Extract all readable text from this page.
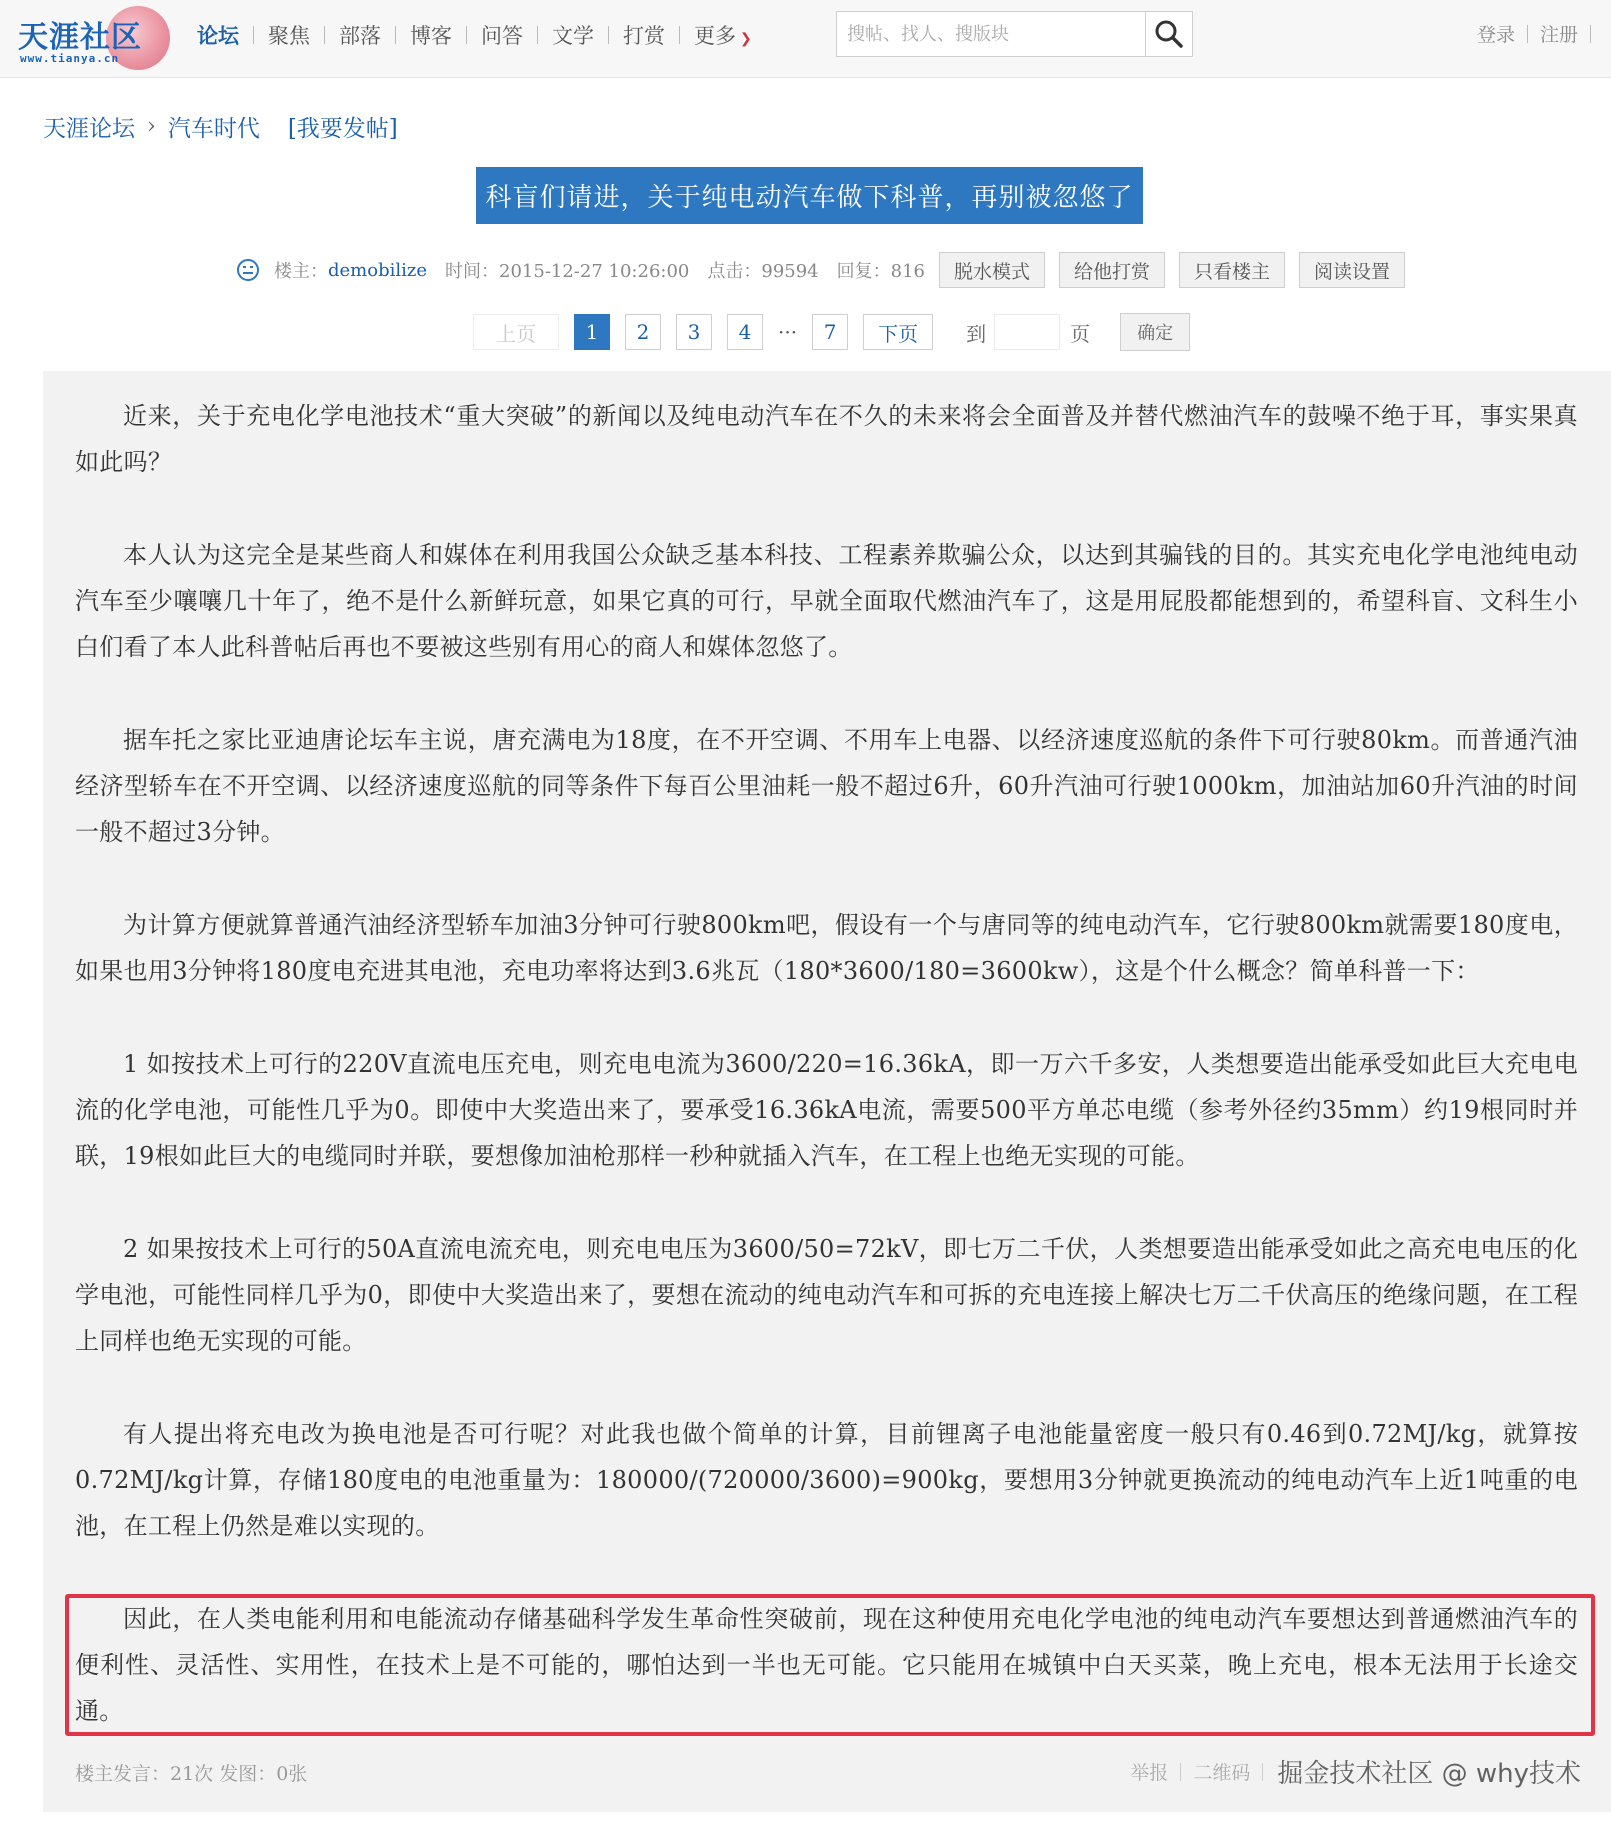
天涯社区
www.tianya.cn
论坛	聚焦	部落	博客	问答	文学	打赏	更多 ❯
搜帖、找人、搜版块	登录	注册
天涯论坛 › 汽车时代 [我要发帖]
科盲们请进，关于纯电动汽车做下科普，再别被忽悠了
楼主： demobilize 时间：2015-12-27 10:26:00 点击：99594 回复：816	脱水模式	给他打赏	只看楼主	阅读设置
上页	1	2	3	4	···	7	下页	到	页	确定
近来，关于充电化学电池技术“重大突破”的新闻以及纯电动汽车在不久的未来将会全面普及并替代燃油汽车的鼓噪不绝于耳，事实果真如此吗？
本人认为这完全是某些商人和媒体在利用我国公众缺乏基本科技、工程素养欺骗公众，以达到其骗钱的目的。其实充电化学电池纯电动汽车至少嚷嚷几十年了，绝不是什么新鲜玩意，如果它真的可行，早就全面取代燃油汽车了，这是用屁股都能想到的，希望科盲、文科生小白们看了本人此科普帖后再也不要被这些别有用心的商人和媒体忽悠了。
据车托之家比亚迪唐论坛车主说，唐充满电为18度，在不开空调、不用车上电器、以经济速度巡航的条件下可行驶80km。而普通汽油经济型轿车在不开空调、以经济速度巡航的同等条件下每百公里油耗一般不超过6升，60升汽油可行驶1000km，加油站加60升汽油的时间一般不超过3分钟。
为计算方便就算普通汽油经济型轿车加油3分钟可行驶800km吧，假设有一个与唐同等的纯电动汽车，它行驶800km就需要180度电，如果也用3分钟将180度电充进其电池，充电功率将达到3.6兆瓦（180*3600/180=3600kw），这是个什么概念？简单科普一下：
1 如按技术上可行的220V直流电压充电，则充电电流为3600/220=16.36kA，即一万六千多安，人类想要造出能承受如此巨大充电电流的化学电池，可能性几乎为0。即使中大奖造出来了，要承受16.36kA电流，需要500平方单芯电缆（参考外径约35mm）约19根同时并联，19根如此巨大的电缆同时并联，要想像加油枪那样一秒种就插入汽车，在工程上也绝无实现的可能。
2 如果按技术上可行的50A直流电流充电，则充电电压为3600/50=72kV，即七万二千伏，人类想要造出能承受如此之高充电电压的化学电池，可能性同样几乎为0，即使中大奖造出来了，要想在流动的纯电动汽车和可拆的充电连接上解决七万二千伏高压的绝缘问题，在工程上同样也绝无实现的可能。
有人提出将充电改为换电池是否可行呢？对此我也做个简单的计算，目前锂离子电池能量密度一般只有0.46到0.72MJ/kg，就算按0.72MJ/kg计算，存储180度电的电池重量为：180000/(720000/3600)=900kg，要想用3分钟就更换流动的纯电动汽车上近1吨重的电池，在工程上仍然是难以实现的。
因此，在人类电能利用和电能流动存储基础科学发生革命性突破前，现在这种使用充电化学电池的纯电动汽车要想达到普通燃油汽车的便利性、灵活性、实用性，在技术上是不可能的，哪怕达到一半也无可能。它只能用在城镇中白天买菜，晚上充电，根本无法用于长途交通。
楼主发言：21次 发图：0张	举报	二维码	掘金技术社区 @ why技术
